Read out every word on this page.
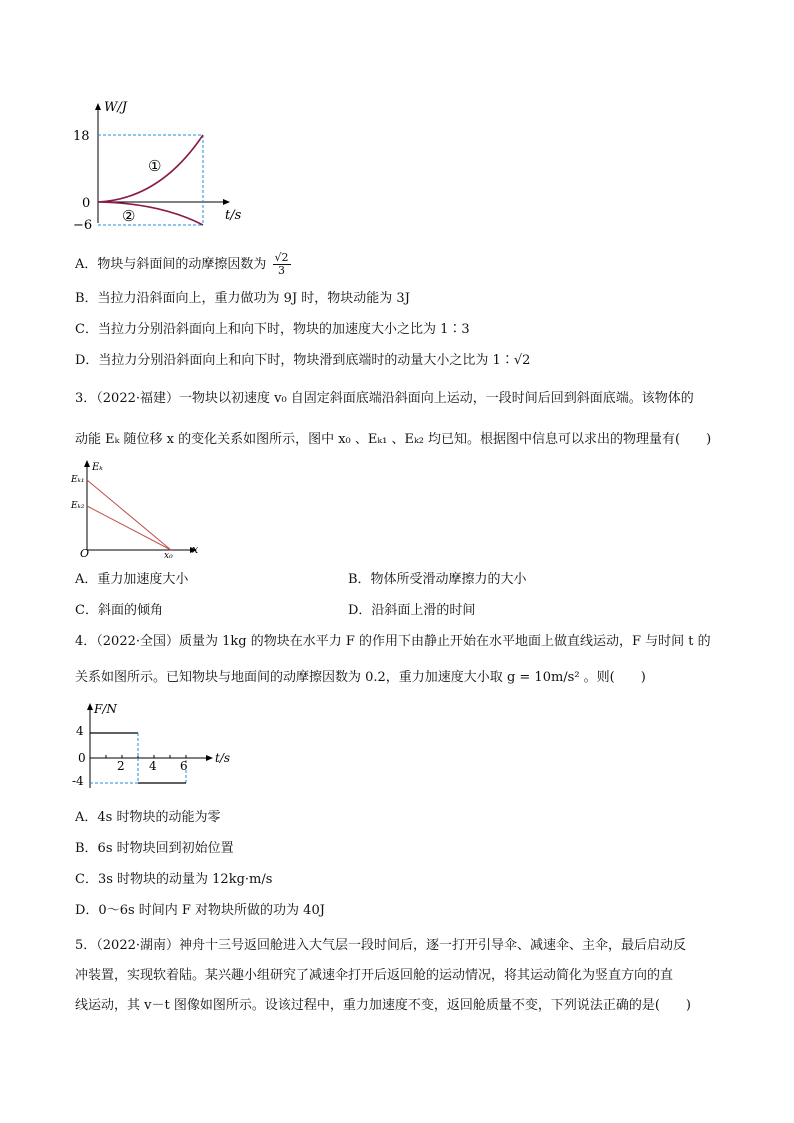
W/J
18
0
−6
①
②	t/s
A．物块与斜面间的动摩擦因数为 $\frac{√2}{3}$
B．当拉力沿斜面向上，重力做功为 9J 时，物块动能为 3J
C．当拉力分别沿斜面向上和向下时，物块的加速度大小之比为 1∶3
D．当拉力分别沿斜面向上和向下时，物块滑到底端时的动量大小之比为 1∶√2
3．（2022·福建）一物块以初速度 v₀ 自固定斜面底端沿斜面向上运动，一段时间后回到斜面底端。该物体的
动能 Eₖ 随位移 x 的变化关系如图所示，图中 x₀ 、Eₖ₁ 、Eₖ₂ 均已知。根据图中信息可以求出的物理量有(　　)
Eₖ
Eₖ₁
Eₖ₂
O	x₀ x
A．重力加速度大小	B．物体所受滑动摩擦力的大小
C．斜面的倾角	D．沿斜面上滑的时间
4．（2022·全国）质量为 1kg 的物块在水平力 F 的作用下由静止开始在水平地面上做直线运动，F 与时间 t 的
关系如图所示。已知物块与地面间的动摩擦因数为 0.2，重力加速度大小取 g = 10m/s² 。则(　　)
F/N
4
0
-4
2 4 6
t/s
A．4s 时物块的动能为零
B．6s 时物块回到初始位置
C．3s 时物块的动量为 12kg·m/s
D．0～6s 时间内 F 对物块所做的功为 40J
5．（2022·湖南）神舟十三号返回舱进入大气层一段时间后，逐一打开引导伞、减速伞、主伞，最后启动反
冲装置，实现软着陆。某兴趣小组研究了减速伞打开后返回舱的运动情况，将其运动简化为竖直方向的直
线运动，其 v－t 图像如图所示。设该过程中，重力加速度不变，返回舱质量不变，下列说法正确的是(　　)
